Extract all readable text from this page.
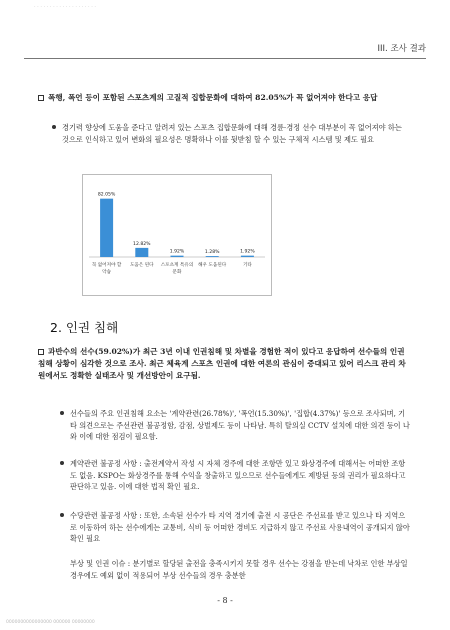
· · · · · · · · · · · · · · · · · · · ·
III. 조사 결과
폭행, 폭언 등이 포함된 스포츠계의 고질적 집합문화에 대하여 82.05%가 꼭 없어져야 한다고 응답
경기력 향상에 도움을 준다고 알려져 있는 스포츠 집합문화에 대해 경륜·경정 선수 대부분이 꼭 없어져야 하는 것으로 인식하고 있어 변화의 필요성은 명확하나 이를 뒷받침 할 수 있는 구체적 시스템 및 제도 필요
82.05%
꼭 없어져야 할
악습
12.82%
도움은 된다
1.92%
스포츠계 특유의
문화
1.28%
해우 도움된다
1.92%
기타
2. 인권 침해
과반수의 선수(59.02%)가 최근 3년 이내 인권침해 및 차별을 경험한 적이 있다고 응답하여 선수들의 인권침해 상황이 심각한 것으로 조사. 최근 체육계 스포츠 인권에 대한 여론의 관심이 증대되고 있어 리스크 관리 차원에서도 정확한 실태조사 및 개선방안이 요구됨.
선수들의 주요 인권침해 요소는 '계약관련(26.78%)', '폭언(15.30%)', '집합(4.37%)' 등으로 조사되며, 기타 의견으로는 주선관련 불공정함, 감점, 상벌제도 등이 나타남. 특히 탈의실 CCTV 설치에 대한 의견 등이 나와 이에 대한 점검이 필요함.
계약관련 불공정 사항 : 출전계약서 작성 시 자체 경주에 대한 조항만 있고 화상경주에 대해서는 어떠한 조항도 없음. KSPO는 화상경주를 통해 수익을 창출하고 있으므로 선수들에게도 제방된 등의 권리가 필요하다고 판단하고 있음. 이에 대한 법적 확인 필요.
수당관련 불공정 사항 : 또한, 소속된 선수가 타 지역 경기에 출전 시 공단은 주선료를 받고 있으나 타 지역으로 이동하여 하는 선수에게는 교통비, 식비 등 어떠한 경비도 지급하지 않고 주선료 사용내역이 공개되지 않아 확인 필요
부상 및 인권 이슈 : 분기별로 할당된 출전을 충족시키지 못할 경우 선수는 강점을 받는데 낙차로 인한 부상일 경우에도 예외 없이 적용되어 부상 선수들의 경우 충분한
- 8 -
0000000000000000 000000 00000000
